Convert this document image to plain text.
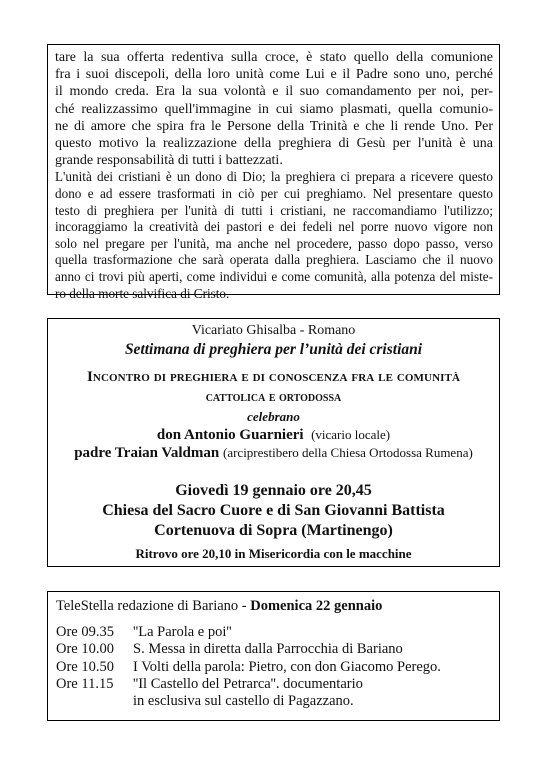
tare la sua offerta redentiva sulla croce, è stato quello della comunione
fra i suoi discepoli, della loro unità come Lui e il Padre sono uno, perché
il mondo creda. Era la sua volontà e il suo comandamento per noi, per-
ché realizzassimo quell'immagine in cui siamo plasmati, quella comunio-
ne di amore che spira fra le Persone della Trinità e che li rende Uno. Per
questo motivo la realizzazione della preghiera di Gesù per l'unità è una
grande responsabilità di tutti i battezzati.
L'unità dei cristiani è un dono di Dio; la preghiera ci prepara a ricevere questo
dono e ad essere trasformati in ciò per cui preghiamo. Nel presentare questo
testo di preghiera per l'unità di tutti i cristiani, ne raccomandiamo l'utilizzo;
incoraggiamo la creatività dei pastori e dei fedeli nel porre nuovo vigore non
solo nel pregare per l'unità, ma anche nel procedere, passo dopo passo, verso
quella trasformazione che sarà operata dalla preghiera. Lasciamo che il nuovo
anno ci trovi più aperti, come individui e come comunità, alla potenza del miste-
ro della morte salvifica di Cristo.
Vicariato Ghisalba - Romano
Settimana di preghiera per l’unità dei cristiani
Incontro di preghiera e di conoscenza fra le comunità
cattolica e ortodossa
celebrano
don Antonio Guarnieri (vicario locale)
padre Traian Valdman (arciprestibero della Chiesa Ortodossa Rumena)
Giovedì 19 gennaio ore 20,45
Chiesa del Sacro Cuore e di San Giovanni Battista
Cortenuova di Sopra (Martinengo)
Ritrovo ore 20,10 in Misericordia con le macchine
TeleStella redazione di Bariano - Domenica 22 gennaio
Ore 09.35 ''La Parola e poi''
Ore 10.00 S. Messa in diretta dalla Parrocchia di Bariano
Ore 10.50 I Volti della parola: Pietro, con don Giacomo Perego.
Ore 11.15 ''Il Castello del Petrarca''. documentario
in esclusiva sul castello di Pagazzano.
